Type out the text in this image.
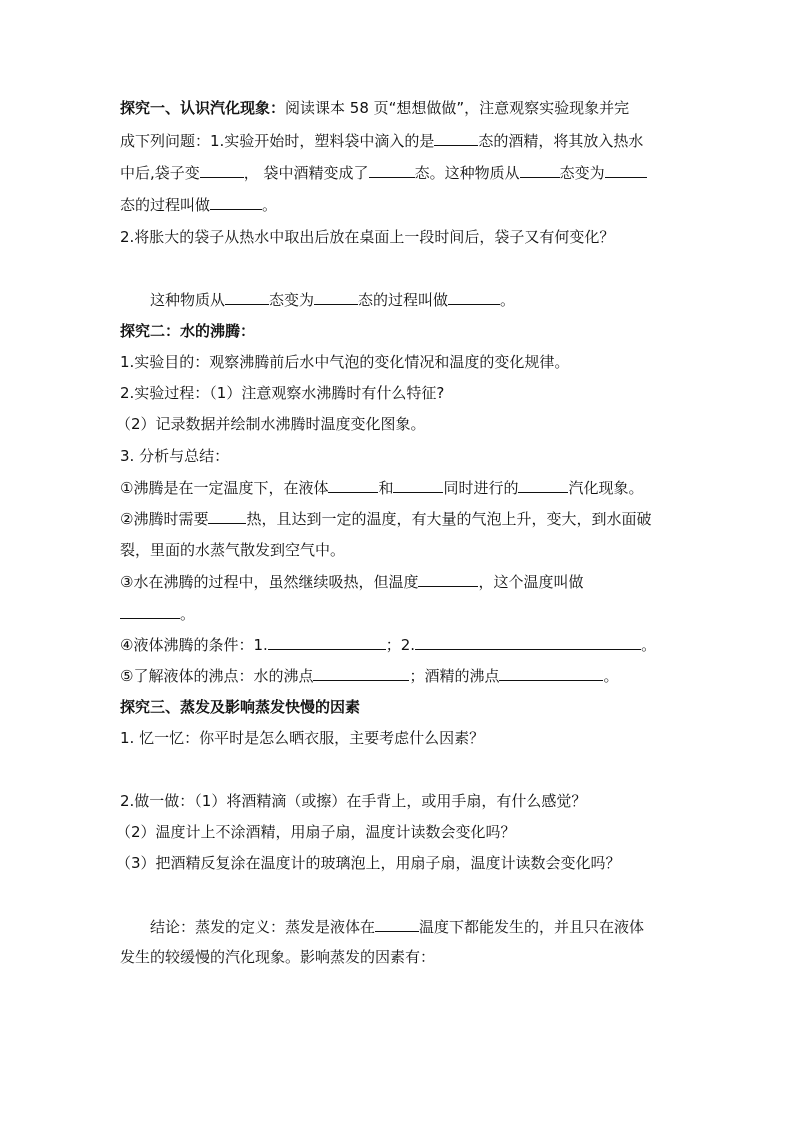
探究一、认识汽化现象：阅读课本 58 页“想想做做”，注意观察实验现象并完
成下列问题：1.实验开始时，塑料袋中滴入的是	态的酒精，将其放入热水
中后,袋子变	， 袋中酒精变成了	态。这种物质从	态变为
态的过程叫做	。
2.将胀大的袋子从热水中取出后放在桌面上一段时间后，袋子又有何变化？
这种物质从	态变为	态的过程叫做	。
探究二：水的沸腾：
1.实验目的：观察沸腾前后水中气泡的变化情况和温度的变化规律。
2.实验过程：（1）注意观察水沸腾时有什么特征?
（2）记录数据并绘制水沸腾时温度变化图象。
3. 分析与总结：
①沸腾是在一定温度下，在液体	和	同时进行的	汽化现象。
②沸腾时需要	热，且达到一定的温度，有大量的气泡上升，变大，到水面破
裂，里面的水蒸气散发到空气中。
③水在沸腾的过程中，虽然继续吸热，但温度	，这个温度叫做
。
④液体沸腾的条件：1.	；2.	。
⑤了解液体的沸点：水的沸点	；酒精的沸点	。
探究三、蒸发及影响蒸发快慢的因素
1. 忆一忆：你平时是怎么晒衣服，主要考虑什么因素？
2.做一做：（1）将酒精滴（或擦）在手背上，或用手扇，有什么感觉？
（2）温度计上不涂酒精，用扇子扇，温度计读数会变化吗？
（3）把酒精反复涂在温度计的玻璃泡上，用扇子扇，温度计读数会变化吗？
结论：蒸发的定义：蒸发是液体在	温度下都能发生的，并且只在液体
发生的较缓慢的汽化现象。影响蒸发的因素有：
